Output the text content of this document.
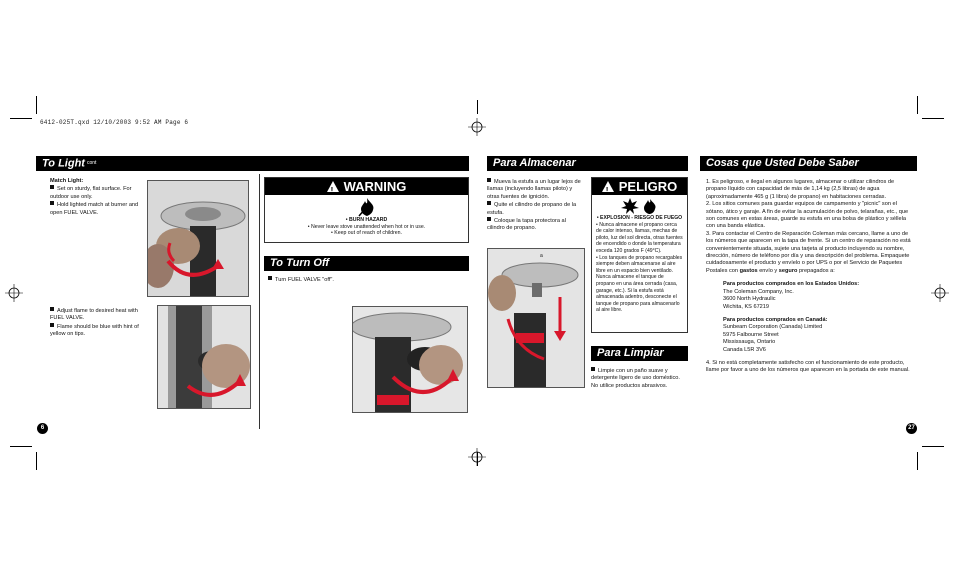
6412-025T.qxd 12/10/2003 9:52 AM Page 6
To Light cont
Match Light:
Set on sturdy, flat surface. For outdoor use only.
Hold lighted match at burner and open FUEL VALVE.
Adjust flame to desired heat with FUEL VALVE.
Flame should be blue with hint of yellow on tips.
!
WARNING
• BURN HAZARD
• Never leave stove unattended when hot or in use.
• Keep out of reach of children.
To Turn Off
Turn FUEL VALVE "off".
6
Para Almacenar
Mueva la estufa a un lugar lejos de llamas (incluyendo llamas piloto) y otras fuentes de ignición.
Quite el cilindro de propano de la estufa.
Coloque la tapa protectora al cilindro de propano.
!
PELIGRO
• EXPLOSION - RIESGO DE FUEGO
• Nunca almacene el propano cerca de calor intenso, llamas, mechas de piloto, luz del sol directa, otras fuentes de encendido o donde la temperatura exceda 120 grados F (49°C).
• Los tanques de propano recargables siempre deben almacenarse al aire libre en un espacio bien ventilado. Nunca almacene el tanque de propano en una área cerrada (casa, garage, etc.). Si la estufa está almacenada adentro, desconecte el tanque de propano para almacenarlo al aire libre.
a
Para Limpiar
Limpie con un paño suave y detergente ligero de uso doméstico. No utilice productos abrasivos.
Cosas que Usted Debe Saber
1. Es peligroso, e ilegal en algunos lugares, almacenar o utilizar cilindros de propano líquido con capacidad de más de 1,14 kg (2,5 libras) de agua (aproximadamente 465 g (1 libra) de propano) en habitaciones cerradas.
2. Los sitios comunes para guardar equipos de campamento y "picnic" son el sótano, ático y garaje. A fin de evitar la acumulación de polvo, telarañas, etc., que son comunes en estas áreas, guarde su estufa en una bolsa de plástico y séllela con una banda elástica.
3. Para contactar el Centro de Reparación Coleman más cercano, llame a uno de los números que aparecen en la tapa de frente. Si un centro de reparación no está convenientemente situada, sujete una tarjeta al producto incluyendo su nombre, dirección, número de teléfono por día y una descripción del problema. Empaquete cuidadosamente el producto y envíelo o por UPS o por el Servicio de Paquetes Postales con gastos envío y seguro prepagados a:
Para productos comprados en los Estados Unidos:
The Coleman Company, Inc.
3600 North Hydraulic
Wichita, KS 67219
Para productos comprados en Canadá:
Sunbeam Corporation (Canada) Limited
5975 Falbourne Street
Mississauga, Ontario
Canada L5R 3V6
4. Si no está completamente satisfecho con el funcionamiento de este producto, llame por favor a uno de los números que aparecen en la portada de este manual.
27
